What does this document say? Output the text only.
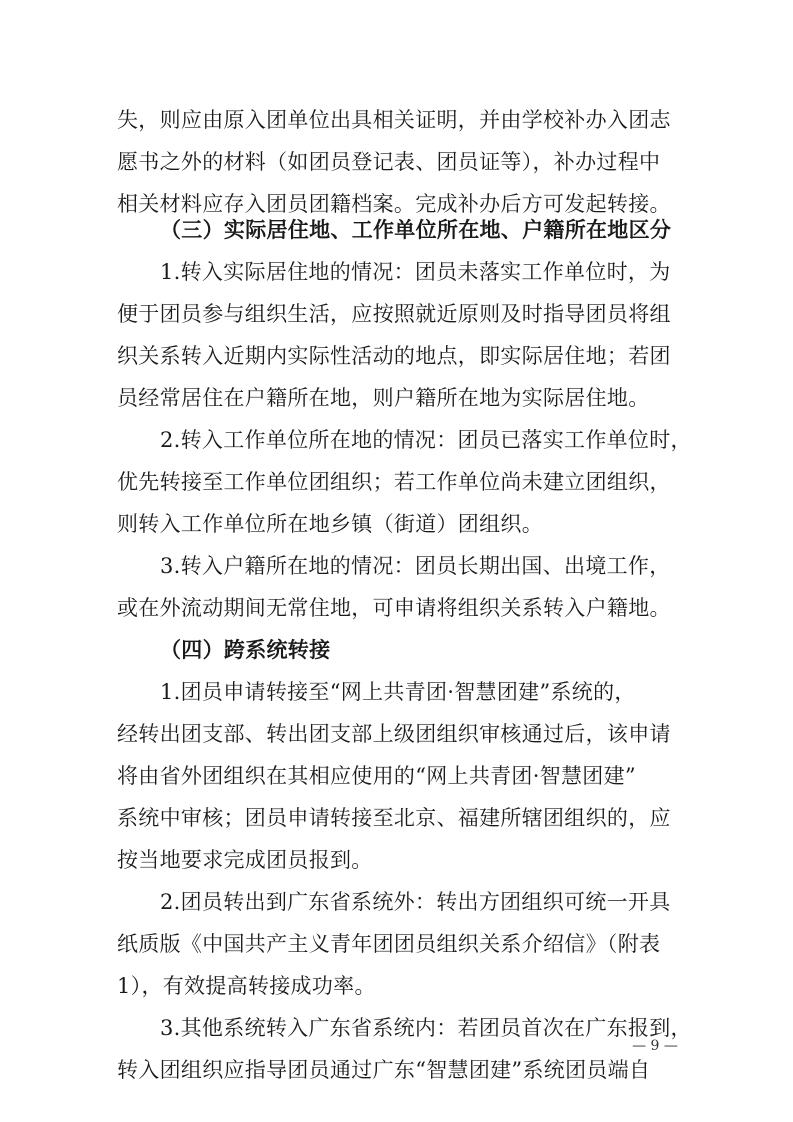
失，则应由原入团单位出具相关证明，并由学校补办入团志
愿书之外的材料（如团员登记表、团员证等），补办过程中
相关材料应存入团员团籍档案。完成补办后方可发起转接。
（三）实际居住地、工作单位所在地、户籍所在地区分
1.转入实际居住地的情况：团员未落实工作单位时，为
便于团员参与组织生活，应按照就近原则及时指导团员将组
织关系转入近期内实际性活动的地点，即实际居住地；若团
员经常居住在户籍所在地，则户籍所在地为实际居住地。
2.转入工作单位所在地的情况：团员已落实工作单位时，
优先转接至工作单位团组织；若工作单位尚未建立团组织，
则转入工作单位所在地乡镇（街道）团组织。
3.转入户籍所在地的情况：团员长期出国、出境工作，
或在外流动期间无常住地，可申请将组织关系转入户籍地。
（四）跨系统转接
1.团员申请转接至“网上共青团·智慧团建”系统的，
经转出团支部、转出团支部上级团组织审核通过后，该申请
将由省外团组织在其相应使用的“网上共青团·智慧团建”
系统中审核；团员申请转接至北京、福建所辖团组织的，应
按当地要求完成团员报到。
2.团员转出到广东省系统外：转出方团组织可统一开具
纸质版《中国共产主义青年团团员组织关系介绍信》（附表
1），有效提高转接成功率。
3.其他系统转入广东省系统内：若团员首次在广东报到，
转入团组织应指导团员通过广东“智慧团建”系统团员端自
— 9 —
